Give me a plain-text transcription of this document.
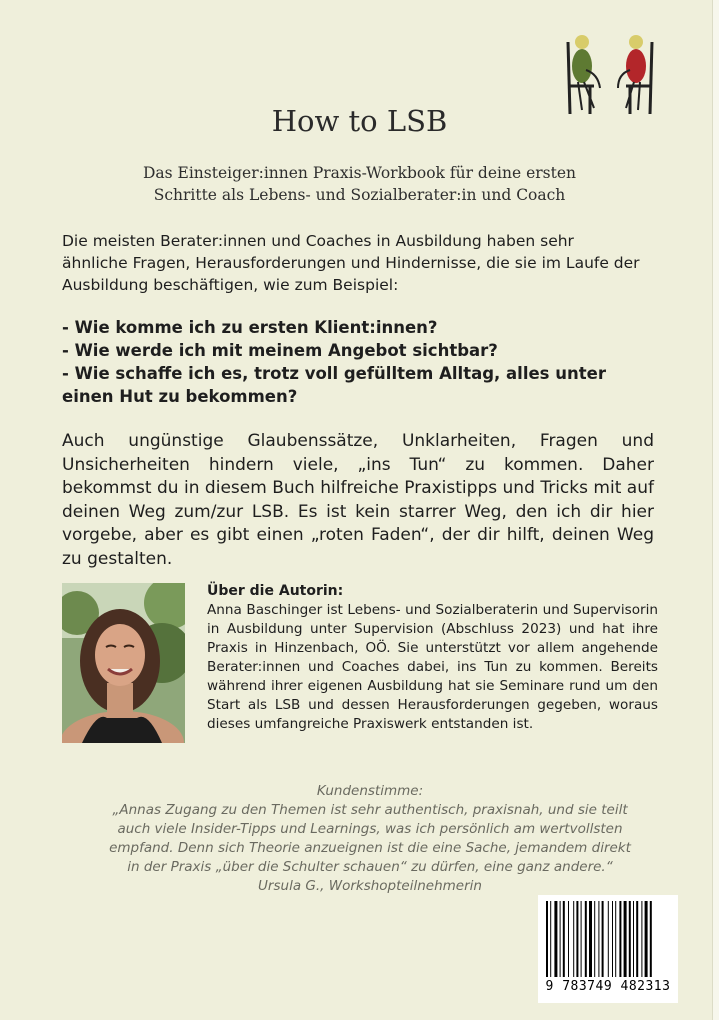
How to LSB
Das Einsteiger:innen Praxis-Workbook für deine ersten
Schritte als Lebens- und Sozialberater:in und Coach

Die meisten Berater:innen und Coaches in Ausbildung haben sehr ähnliche Fragen, Herausforderungen und Hindernisse, die sie im Laufe der Ausbildung beschäftigen, wie zum Beispiel:

- Wie komme ich zu ersten Klient:innen?
- Wie werde ich mit meinem Angebot sichtbar?
- Wie schaffe ich es, trotz voll gefülltem Alltag, alles unter einen Hut zu bekommen?

Auch ungünstige Glaubenssätze, Unklarheiten, Fragen und Unsicherheiten hindern viele, „ins Tun“ zu kommen. Daher bekommst du in diesem Buch hilfreiche Praxistipps und Tricks mit auf deinen Weg zum/zur LSB. Es ist kein starrer Weg, den ich dir hier vorgebe, aber es gibt einen „roten Faden“, der dir hilft, deinen Weg zu gestalten.

Über die Autorin:

Anna Baschinger ist Lebens- und Sozialberaterin und Supervisorin in Ausbildung unter Supervision (Abschluss 2023) und hat ihre Praxis in Hinzenbach, OÖ. Sie unterstützt vor allem angehende Berater:innen und Coaches dabei, ins Tun zu kommen. Bereits während ihrer eigenen Ausbildung hat sie Seminare rund um den Start als LSB und dessen Herausforderungen gegeben, woraus dieses umfangreiche Praxiswerk entstanden ist.

Kundenstimme:

„Annas Zugang zu den Themen ist sehr authentisch, praxisnah, und sie teilt

auch viele Insider-Tipps und Learnings, was ich persönlich am wertvollsten

empfand. Denn sich Theorie anzueignen ist die eine Sache, jemandem direkt

in der Praxis „über die Schulter schauen“ zu dürfen, eine ganz andere.“

Ursula G., Workshopteilnehmerin

9 783749 482313
